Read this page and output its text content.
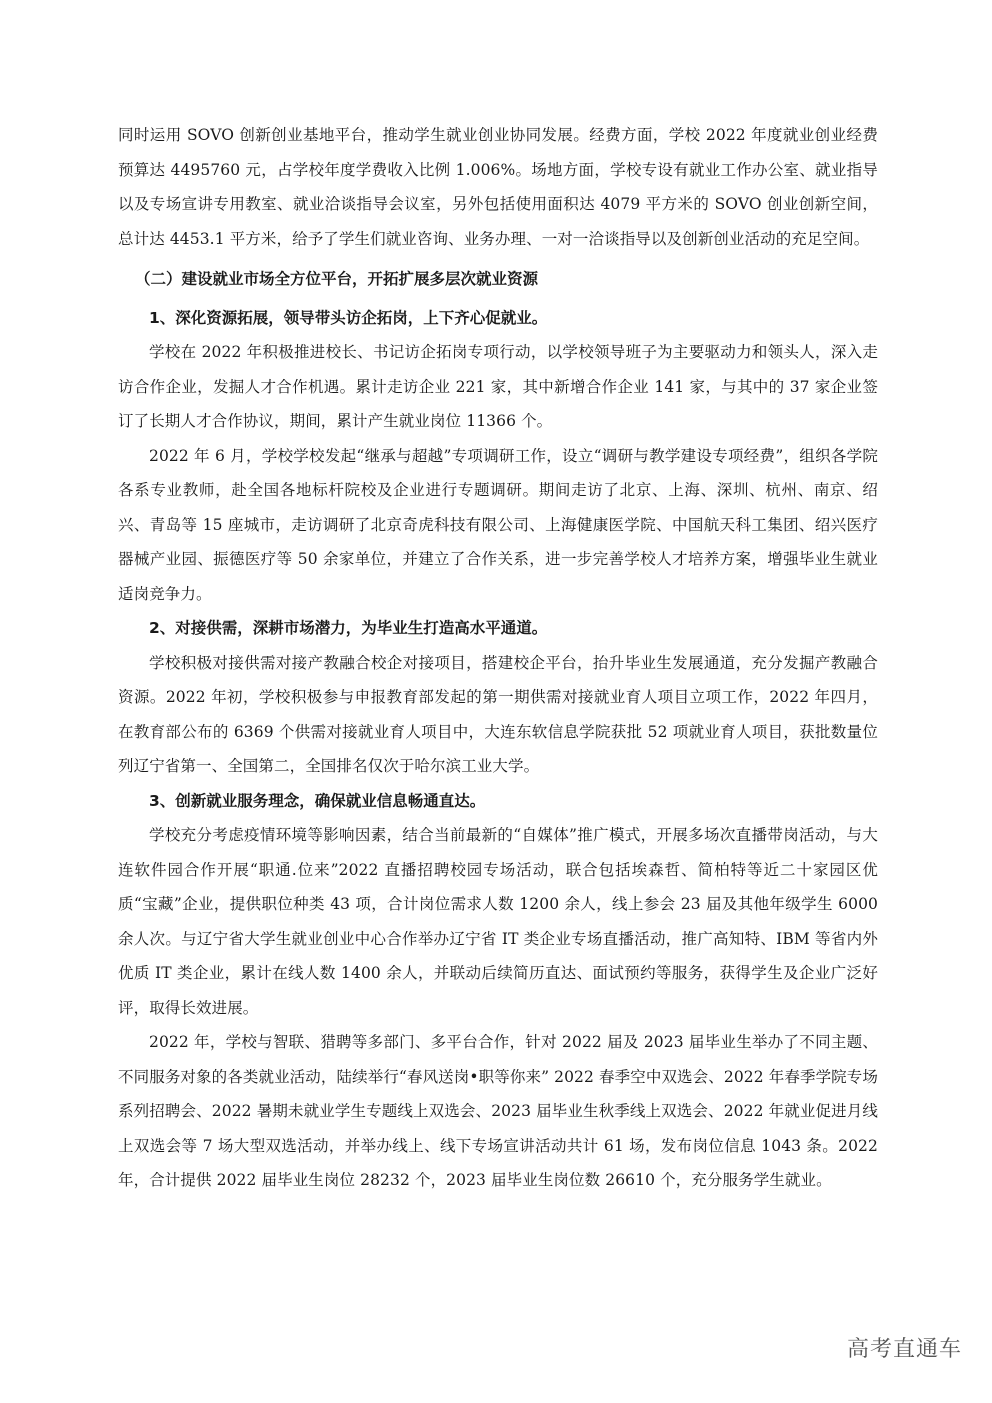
同时运用 SOVO 创新创业基地平台，推动学生就业创业协同发展。经费方面，学校 2022 年度就业创业经费预算达 4495760 元，占学校年度学费收入比例 1.006%。场地方面，学校专设有就业工作办公室、就业指导以及专场宣讲专用教室、就业洽谈指导会议室，另外包括使用面积达 4079 平方米的 SOVO 创业创新空间，总计达 4453.1 平方米，给予了学生们就业咨询、业务办理、一对一洽谈指导以及创新创业活动的充足空间。

（二）建设就业市场全方位平台，开拓扩展多层次就业资源
1、深化资源拓展，领导带头访企拓岗，上下齐心促就业。

学校在 2022 年积极推进校长、书记访企拓岗专项行动，以学校领导班子为主要驱动力和领头人，深入走访合作企业，发掘人才合作机遇。累计走访企业 221 家，其中新增合作企业 141 家，与其中的 37 家企业签订了长期人才合作协议，期间，累计产生就业岗位 11366 个。

2022 年 6 月，学校学校发起“继承与超越”专项调研工作，设立“调研与教学建设专项经费”，组织各学院各系专业教师，赴全国各地标杆院校及企业进行专题调研。期间走访了北京、上海、深圳、杭州、南京、绍兴、青岛等 15 座城市，走访调研了北京奇虎科技有限公司、上海健康医学院、中国航天科工集团、绍兴医疗器械产业园、振德医疗等 50 余家单位，并建立了合作关系，进一步完善学校人才培养方案，增强毕业生就业适岗竞争力。

2、对接供需，深耕市场潜力，为毕业生打造高水平通道。

学校积极对接供需对接产教融合校企对接项目，搭建校企平台，抬升毕业生发展通道，充分发掘产教融合资源。2022 年初，学校积极参与申报教育部发起的第一期供需对接就业育人项目立项工作，2022 年四月，在教育部公布的 6369 个供需对接就业育人项目中，大连东软信息学院获批 52 项就业育人项目，获批数量位列辽宁省第一、全国第二，全国排名仅次于哈尔滨工业大学。

3、创新就业服务理念，确保就业信息畅通直达。

学校充分考虑疫情环境等影响因素，结合当前最新的“自媒体”推广模式，开展多场次直播带岗活动，与大连软件园合作开展“职通.位来”2022 直播招聘校园专场活动，联合包括埃森哲、简柏特等近二十家园区优质“宝藏”企业，提供职位种类 43 项，合计岗位需求人数 1200 余人，线上参会 23 届及其他年级学生 6000 余人次。与辽宁省大学生就业创业中心合作举办辽宁省 IT 类企业专场直播活动，推广高知特、IBM 等省内外优质 IT 类企业，累计在线人数 1400 余人，并联动后续简历直达、面试预约等服务，获得学生及企业广泛好评，取得长效进展。

2022 年，学校与智联、猎聘等多部门、多平台合作，针对 2022 届及 2023 届毕业生举办了不同主题、不同服务对象的各类就业活动，陆续举行“春风送岗•职等你来” 2022 春季空中双选会、2022 年春季学院专场系列招聘会、2022 暑期未就业学生专题线上双选会、2023 届毕业生秋季线上双选会、2022 年就业促进月线上双选会等 7 场大型双选活动，并举办线上、线下专场宣讲活动共计 61 场，发布岗位信息 1043 条。2022 年，合计提供 2022 届毕业生岗位 28232 个，2023 届毕业生岗位数 26610 个，充分服务学生就业。

高考直通车
